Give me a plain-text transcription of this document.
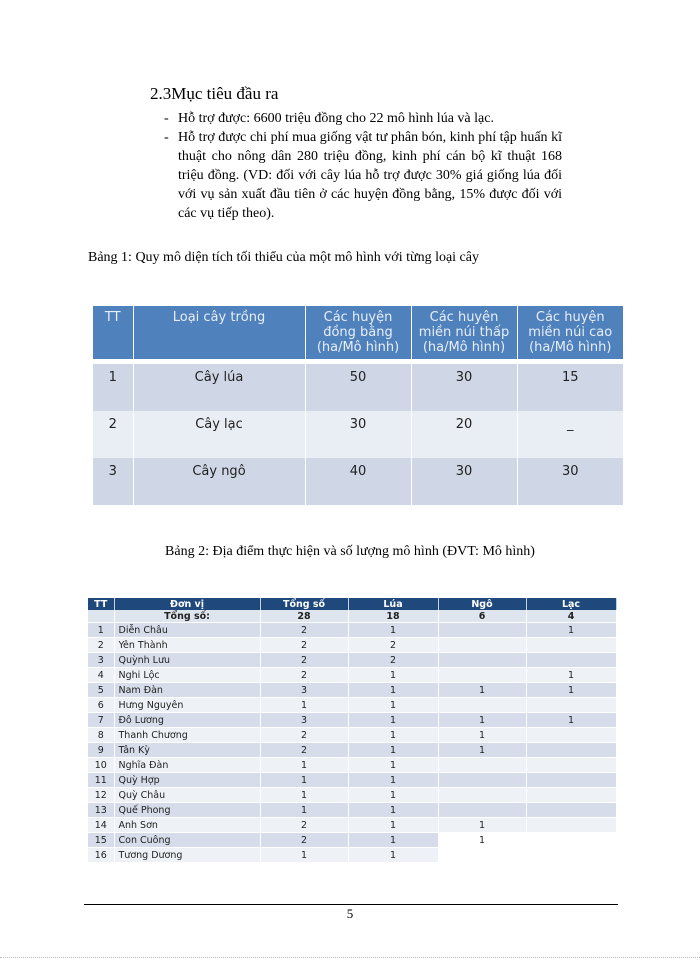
2.3Mục tiêu đầu ra
- Hỗ trợ được: 6600 triệu đồng cho 22 mô hình lúa và lạc.
- Hỗ trợ được chi phí mua giống vật tư phân bón, kinh phí tập huấn kĩ thuật cho nông dân 280 triệu đồng, kinh phí cán bộ kĩ thuật 168 triệu đồng. (VD: đối với cây lúa hỗ trợ được 30% giá giống lúa đối với vụ sản xuất đầu tiên ở các huyện đồng bằng, 15% được đối với các vụ tiếp theo).
Bảng 1: Quy mô diện tích tối thiểu của một mô hình với từng loại cây
TT	Loại cây trồng	Các huyện đồng bằng (ha/Mô hình)	Các huyện miền núi thấp (ha/Mô hình)	Các huyện miền núi cao (ha/Mô hình)

1	Cây lúa	50	30	15
2	Cây lạc	30	20	_
3	Cây ngô	40	30	30
Bảng 2: Địa điểm thực hiện và số lượng mô hình (ĐVT: Mô hình)
TT	Đơn vị	Tổng số	Lúa	Ngô	Lạc
	Tổng số:	28	18	6	4
1	Diễn Châu	2	1		1
2	Yên Thành	2	2		
3	Quỳnh Lưu	2	2		
4	Nghi Lộc	2	1		1
5	Nam Đàn	3	1	1	1
6	Hưng Nguyên	1	1		
7	Đô Lương	3	1	1	1
8	Thanh Chương	2	1	1	
9	Tân Kỳ	2	1	1	
10	Nghĩa Đàn	1	1		
11	Quỳ Hợp	1	1		
12	Quỳ Châu	1	1		
13	Quế Phong	1	1		
14	Anh Sơn	2	1	1	
15	Con Cuông	2	1	1	
16	Tương Dương	1	1		
5
